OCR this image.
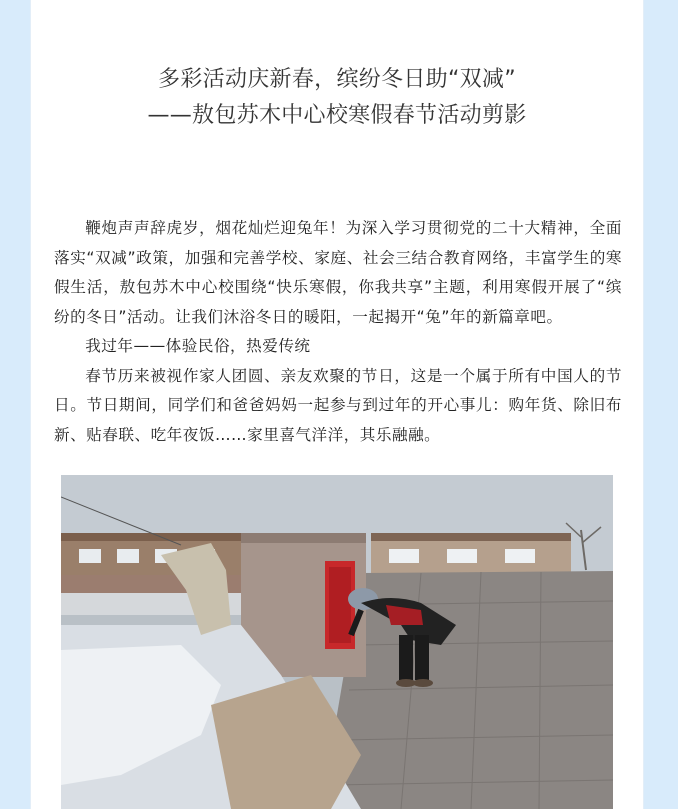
多彩活动庆新春，缤纷冬日助“双减”
——敖包苏木中心校寒假春节活动剪影

鞭炮声声辞虎岁，烟花灿烂迎兔年！为深入学习贯彻党的二十大精神，全面落实“双减”政策，加强和完善学校、家庭、社会三结合教育网络，丰富学生的寒假生活，敖包苏木中心校围绕“快乐寒假，你我共享”主题，利用寒假开展了“缤纷的冬日”活动。让我们沐浴冬日的暖阳，一起揭开“兔”年的新篇章吧。

我过年——体验民俗，热爱传统

春节历来被视作家人团圆、亲友欢聚的节日，这是一个属于所有中国人的节日。节日期间，同学们和爸爸妈妈一起参与到过年的开心事儿：购年货、除旧布新、贴春联、吃年夜饭……家里喜气洋洋，其乐融融。
